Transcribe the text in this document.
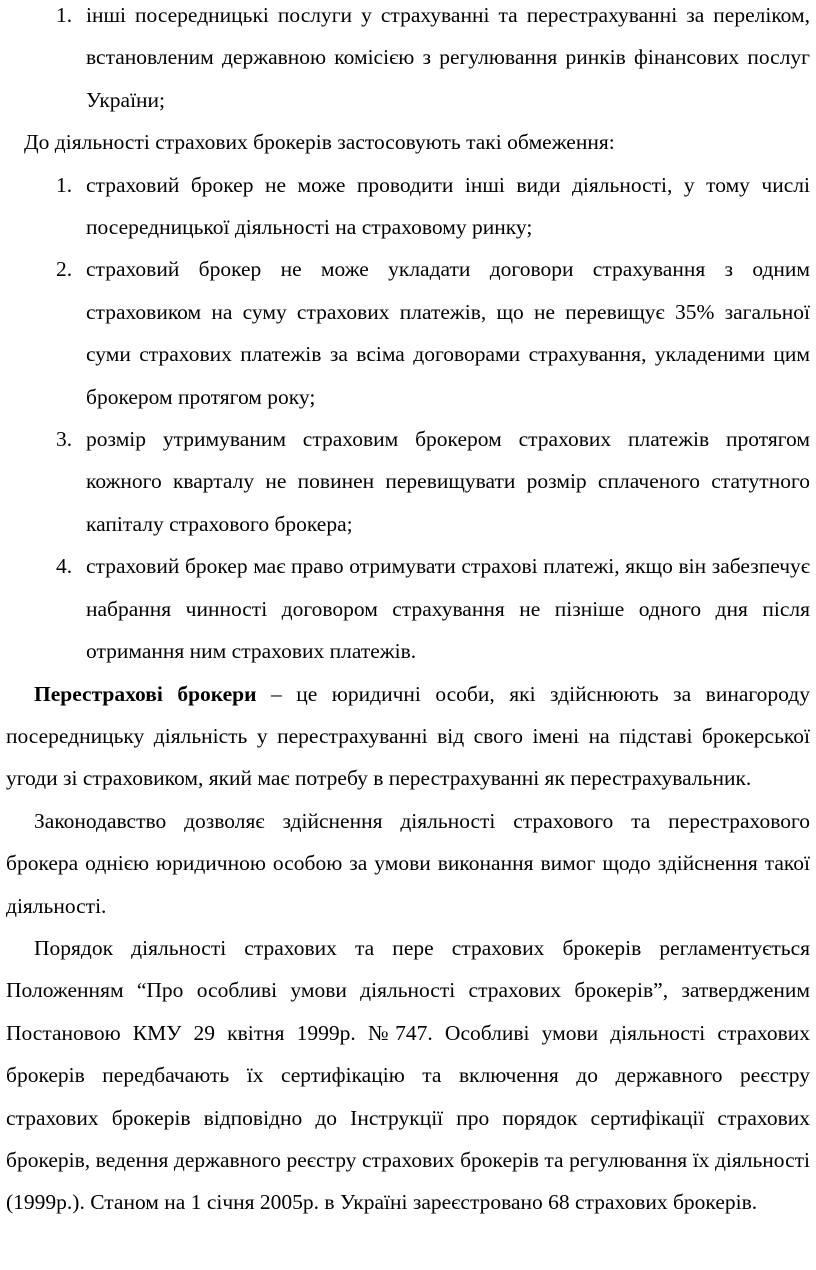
1. інші посередницькі послуги у страхуванні та перестрахуванні за переліком, встановленим державною комісією з регулювання ринків фінансових послуг України;

До діяльності страхових брокерів застосовують такі обмеження:

1. страховий брокер не може проводити інші види діяльності, у тому числі посередницької діяльності на страховому ринку;
2. страховий брокер не може укладати договори страхування з одним страховиком на суму страхових платежів, що не перевищує 35% загальної суми страхових платежів за всіма договорами страхування, укладеними цим брокером протягом року;
3. розмір утримуваним страховим брокером страхових платежів протягом кожного кварталу не повинен перевищувати розмір сплаченого статутного капіталу страхового брокера;
4. страховий брокер має право отримувати страхові платежі, якщо він забезпечує набрання чинності договором страхування не пізніше одного дня після отримання ним страхових платежів.

Перестрахові брокери – це юридичні особи, які здійснюють за винагороду посередницьку діяльність у перестрахуванні від свого імені на підставі брокерської угоди зі страховиком, який має потребу в перестрахуванні як перестрахувальник.

Законодавство дозволяє здійснення діяльності страхового та перестрахового брокера однією юридичною особою за умови виконання вимог щодо здійснення такої діяльності.

Порядок діяльності страхових та пере страхових брокерів регламентується Положенням “Про особливі умови діяльності страхових брокерів”, затвердженим Постановою КМУ 29 квітня 1999р. №747. Особливі умови діяльності страхових брокерів передбачають їх сертифікацію та включення до державного реєстру страхових брокерів відповідно до Інструкції про порядок сертифікації страхових брокерів, ведення державного реєстру страхових брокерів та регулювання їх діяльності (1999р.). Станом на 1 січня 2005р. в Україні зареєстровано 68 страхових брокерів.
